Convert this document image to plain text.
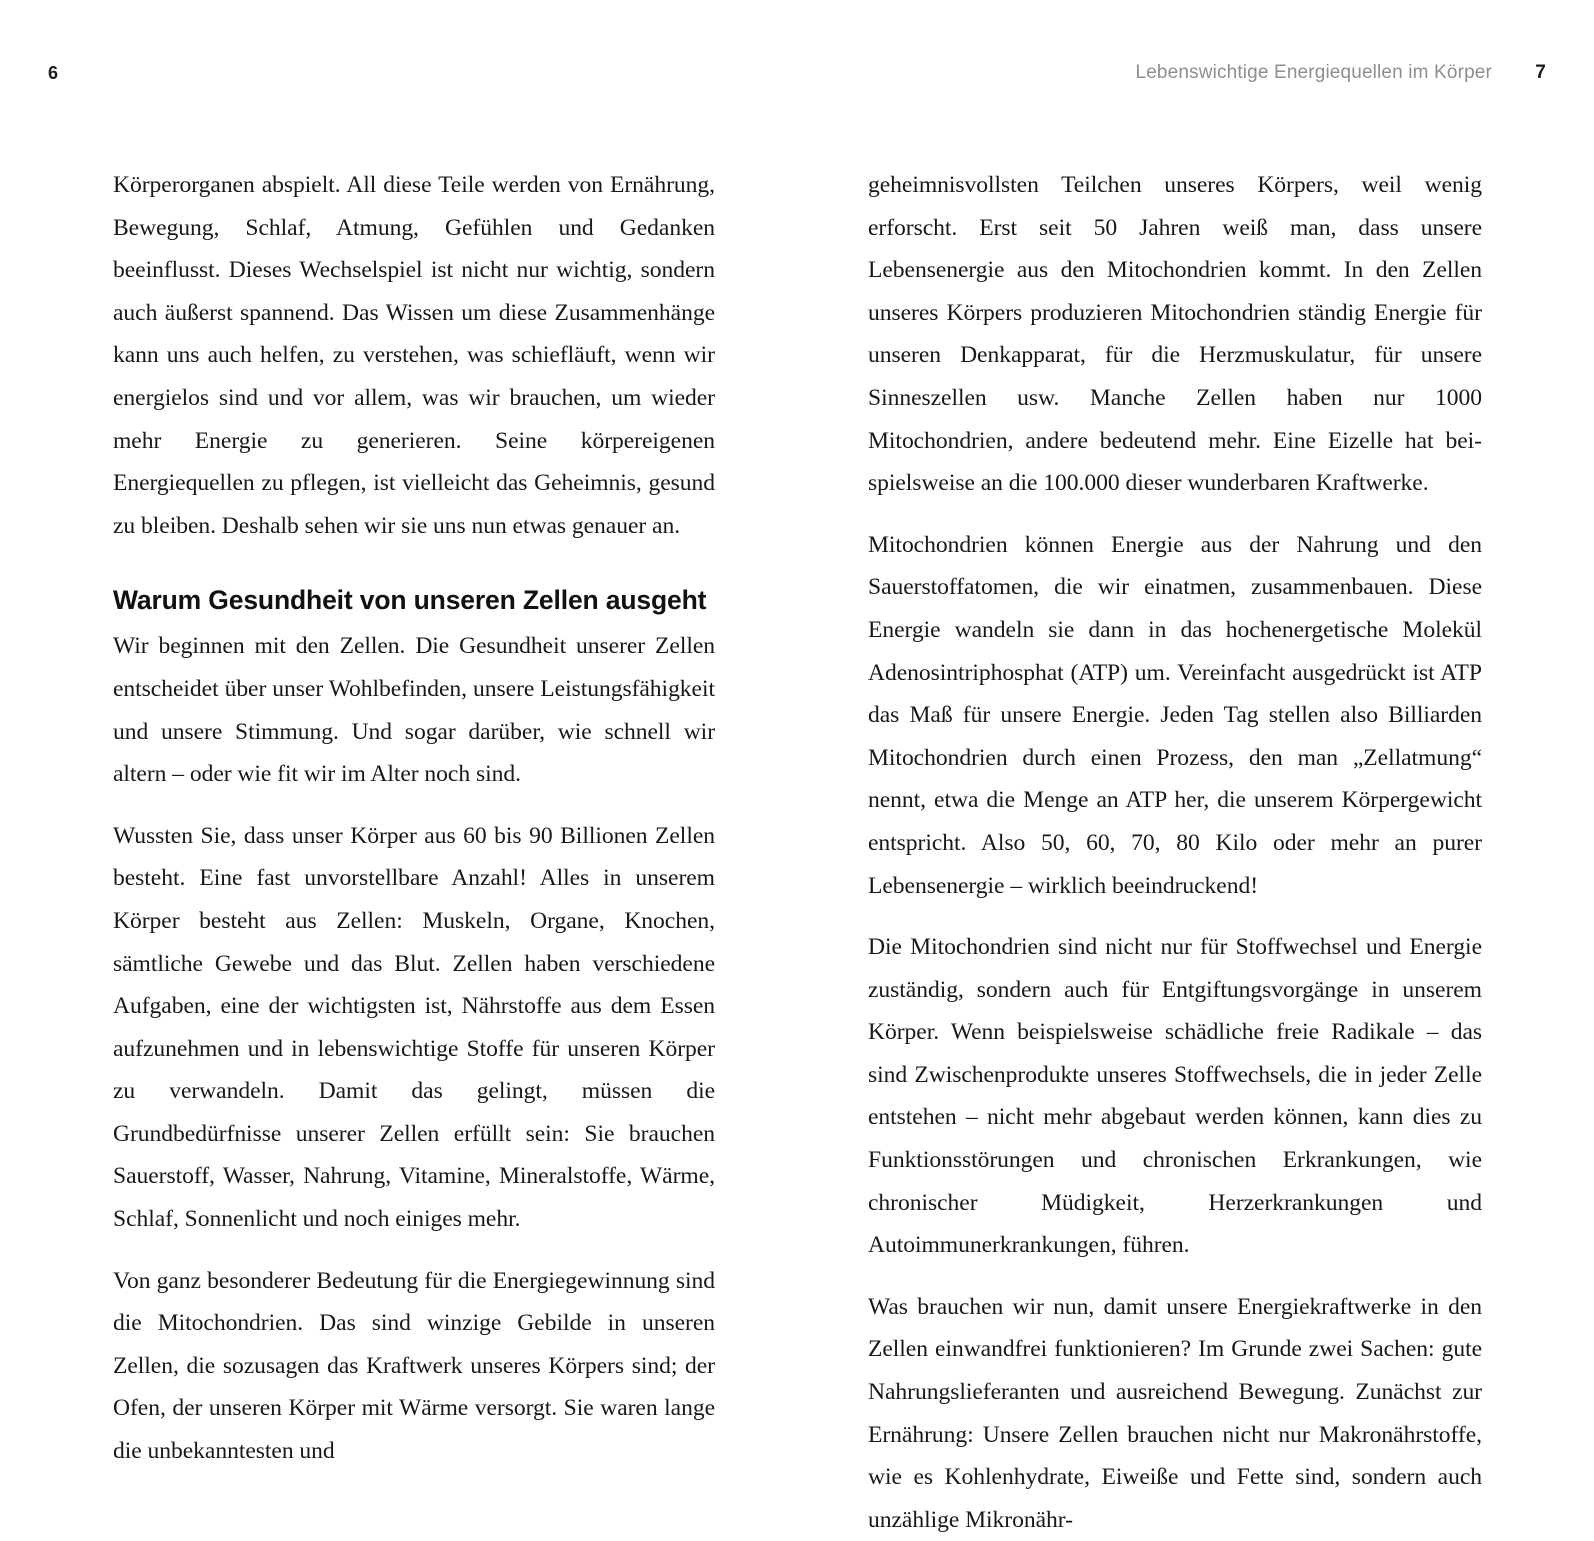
6	Lebenswichtige Energiequellen im Körper 7

Körperorganen abspielt. All diese Teile werden von Ernährung, Bewegung, Schlaf, Atmung, Gefühlen und Gedanken beeinflusst. Dieses Wechselspiel ist nicht nur wichtig, sondern auch äußerst spannend. Das Wissen um diese Zusammenhänge kann uns auch helfen, zu verstehen, was schiefläuft, wenn wir energielos sind und vor allem, was wir brauchen, um wieder mehr Energie zu generieren. Seine körpereigenen Energiequellen zu pflegen, ist vielleicht das Geheimnis, gesund zu bleiben. Deshalb sehen wir sie uns nun etwas genauer an.

Warum Gesundheit von unseren Zellen ausgeht

Wir beginnen mit den Zellen. Die Gesundheit unserer Zellen entscheidet über unser Wohlbefinden, unsere Leistungsfähigkeit und unsere Stimmung. Und sogar darüber, wie schnell wir altern – oder wie fit wir im Alter noch sind.

Wussten Sie, dass unser Körper aus 60 bis 90 Billionen Zellen besteht. Eine fast unvorstellbare Anzahl! Alles in unserem Körper besteht aus Zellen: Muskeln, Organe, Knochen, sämtliche Gewebe und das Blut. Zellen haben verschiedene Aufgaben, eine der wichtigsten ist, Nährstoffe aus dem Essen aufzunehmen und in lebenswichtige Stoffe für unseren Körper zu verwandeln. Damit das gelingt, müssen die Grundbedürfnisse unserer Zellen erfüllt sein: Sie brauchen Sauerstoff, Wasser, Nahrung, Vitamine, Mineralstoffe, Wärme, Schlaf, Sonnenlicht und noch einiges mehr.

Von ganz besonderer Bedeutung für die Energiegewinnung sind die Mitochondrien. Das sind winzige Gebilde in unseren Zellen, die sozusagen das Kraftwerk unseres Körpers sind; der Ofen, der unseren Körper mit Wärme versorgt. Sie waren lange die unbekanntesten und

geheimnisvollsten Teilchen unseres Körpers, weil wenig erforscht. Erst seit 50 Jahren weiß man, dass unsere Lebensenergie aus den Mitochondrien kommt. In den Zellen unseres Körpers produzieren Mitochondrien ständig Energie für unseren Denkapparat, für die Herzmuskulatur, für unsere Sinneszellen usw. Manche Zellen haben nur 1000 Mitochondrien, andere bedeutend mehr. Eine Eizelle hat beispielsweise an die 100.000 dieser wunderbaren Kraftwerke.

Mitochondrien können Energie aus der Nahrung und den Sauerstoffatomen, die wir einatmen, zusammenbauen. Diese Energie wandeln sie dann in das hochenergetische Molekül Adenosintriphosphat (ATP) um. Vereinfacht ausgedrückt ist ATP das Maß für unsere Energie. Jeden Tag stellen also Billiarden Mitochondrien durch einen Prozess, den man „Zellatmung“ nennt, etwa die Menge an ATP her, die unserem Körpergewicht entspricht. Also 50, 60, 70, 80 Kilo oder mehr an purer Lebensenergie – wirklich beeindruckend!

Die Mitochondrien sind nicht nur für Stoffwechsel und Energie zuständig, sondern auch für Entgiftungsvorgänge in unserem Körper. Wenn beispielsweise schädliche freie Radikale – das sind Zwischenprodukte unseres Stoffwechsels, die in jeder Zelle entstehen – nicht mehr abgebaut werden können, kann dies zu Funktionsstörungen und chronischen Erkrankungen, wie chronischer Müdigkeit, Herzerkrankungen und Autoimmunerkrankungen, führen.

Was brauchen wir nun, damit unsere Energiekraftwerke in den Zellen einwandfrei funktionieren? Im Grunde zwei Sachen: gute Nahrungslieferanten und ausreichend Bewegung. Zunächst zur Ernährung: Unsere Zellen brauchen nicht nur Makronährstoffe, wie es Kohlenhydrate, Eiweiße und Fette sind, sondern auch unzählige Mikronähr-
